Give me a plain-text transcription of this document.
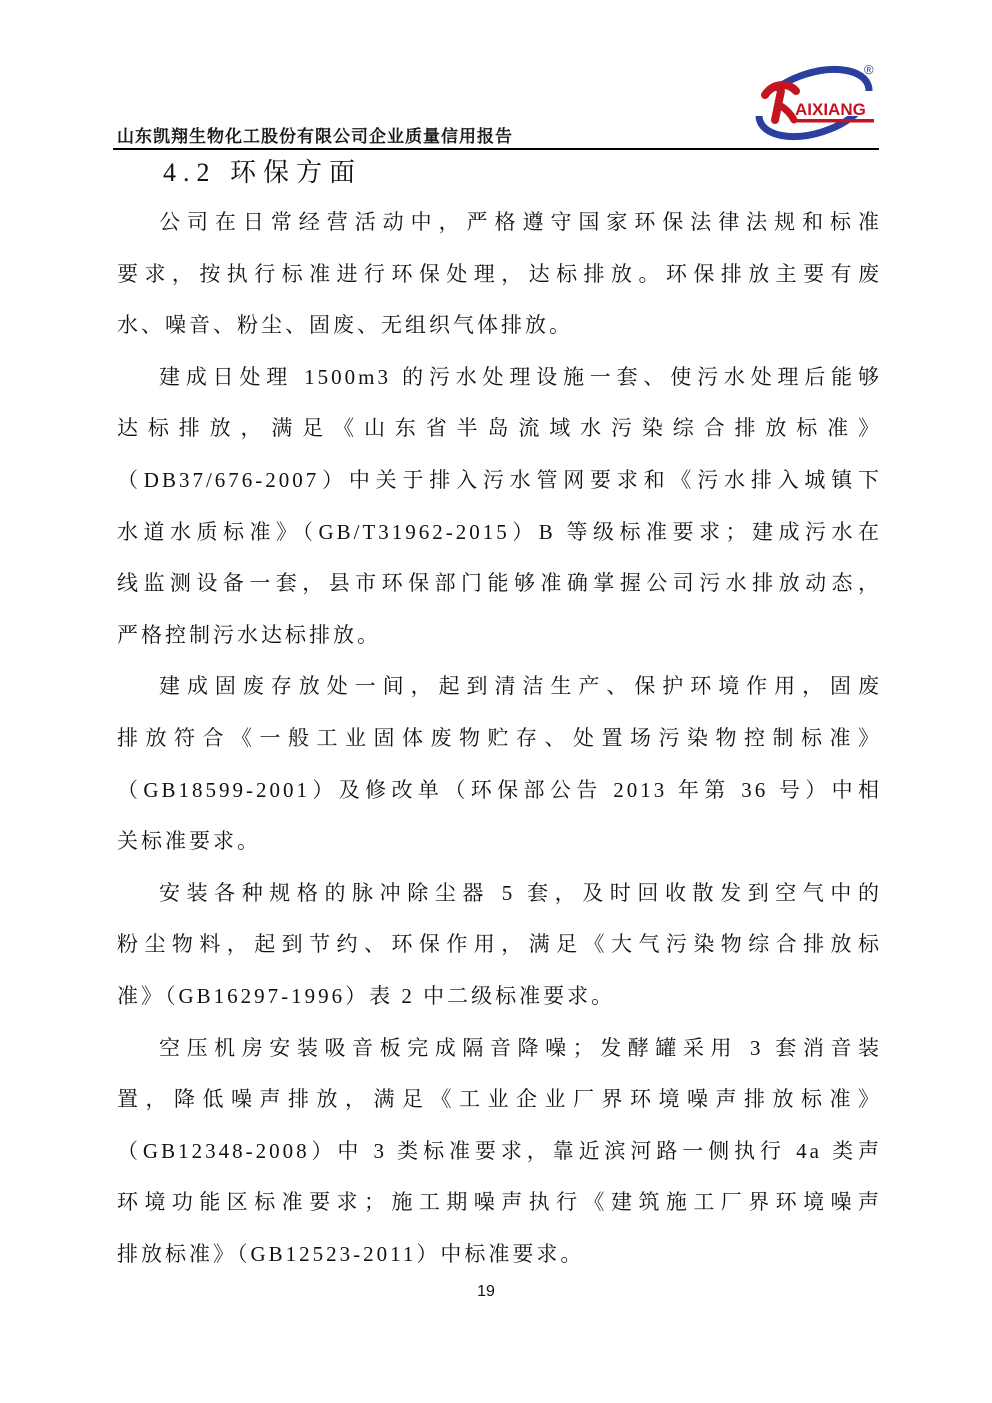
AIXIANG
®
山东凯翔生物化工股份有限公司企业质量信用报告
4.2 环保方面
公司在日常经营活动中，严格遵守国家环保法律法规和标准
要求，按执行标准进行环保处理，达标排放。环保排放主要有废
水、噪音、粉尘、固废、无组织气体排放。
建成日处理 1500m3 的污水处理设施一套、使污水处理后能够
达标排放，满足《山东省半岛流域水污染综合排放标准》
（DB37/676-2007）中关于排入污水管网要求和《污水排入城镇下
水道水质标准》（GB/T31962-2015）B 等级标准要求；建成污水在
线监测设备一套，县市环保部门能够准确掌握公司污水排放动态，
严格控制污水达标排放。
建成固废存放处一间，起到清洁生产、保护环境作用，固废
排放符合《一般工业固体废物贮存、处置场污染物控制标准》
（GB18599-2001）及修改单（环保部公告 2013 年第 36 号）中相
关标准要求。
安装各种规格的脉冲除尘器 5 套，及时回收散发到空气中的
粉尘物料，起到节约、环保作用，满足《大气污染物综合排放标
准》（GB16297-1996）表 2 中二级标准要求。
空压机房安装吸音板完成隔音降噪；发酵罐采用 3 套消音装
置，降低噪声排放，满足《工业企业厂界环境噪声排放标准》
（GB12348-2008）中 3 类标准要求，靠近滨河路一侧执行 4a 类声
环境功能区标准要求；施工期噪声执行《建筑施工厂界环境噪声
排放标准》（GB12523-2011）中标准要求。
19
